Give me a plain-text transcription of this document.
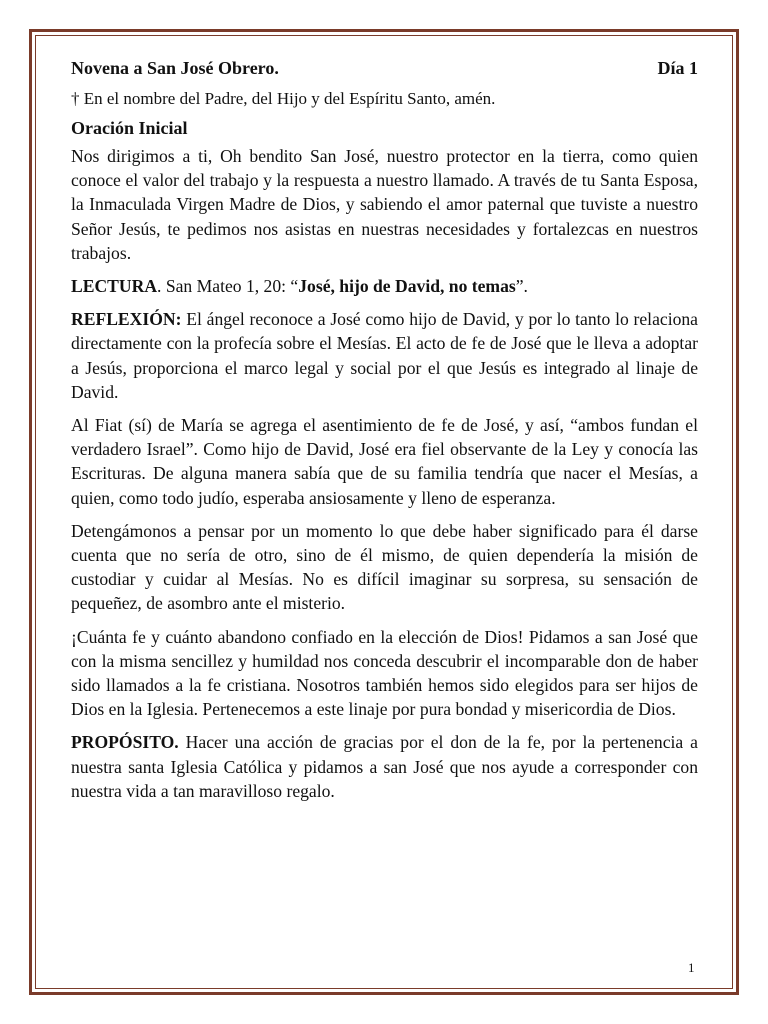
Novena a San José Obrero.	Día 1
† En el nombre del Padre, del Hijo y del Espíritu Santo, amén.
Oración Inicial

Nos dirigimos a ti, Oh bendito San José, nuestro protector en la tierra, como quien conoce el valor del trabajo y la respuesta a nuestro llamado. A través de tu Santa Esposa, la Inmaculada Virgen Madre de Dios, y sabiendo el amor paternal que tuviste a nuestro Señor Jesús, te pedimos nos asistas en nuestras necesidades y fortalezcas en nuestros trabajos.

LECTURA. San Mateo 1, 20: “José, hijo de David, no temas”.

REFLEXIÓN: El ángel reconoce a José como hijo de David, y por lo tanto lo relaciona directamente con la profecía sobre el Mesías. El acto de fe de José que le lleva a adoptar a Jesús, proporciona el marco legal y social por el que Jesús es integrado al linaje de David.

Al Fiat (sí) de María se agrega el asentimiento de fe de José, y así, “ambos fundan el verdadero Israel”. Como hijo de David, José era fiel observante de la Ley y conocía las Escrituras. De alguna manera sabía que de su familia tendría que nacer el Mesías, a quien, como todo judío, esperaba ansiosamente y lleno de esperanza.

Detengámonos a pensar por un momento lo que debe haber significado para él darse cuenta que no sería de otro, sino de él mismo, de quien dependería la misión de custodiar y cuidar al Mesías. No es difícil imaginar su sorpresa, su sensación de pequeñez, de asombro ante el misterio.

¡Cuánta fe y cuánto abandono confiado en la elección de Dios! Pidamos a san José que con la misma sencillez y humildad nos conceda descubrir el incomparable don de haber sido llamados a la fe cristiana. Nosotros también hemos sido elegidos para ser hijos de Dios en la Iglesia. Pertenecemos a este linaje por pura bondad y misericordia de Dios.

PROPÓSITO. Hacer una acción de gracias por el don de la fe, por la pertenencia a nuestra santa Iglesia Católica y pidamos a san José que nos ayude a corresponder con nuestra vida a tan maravilloso regalo.

1
